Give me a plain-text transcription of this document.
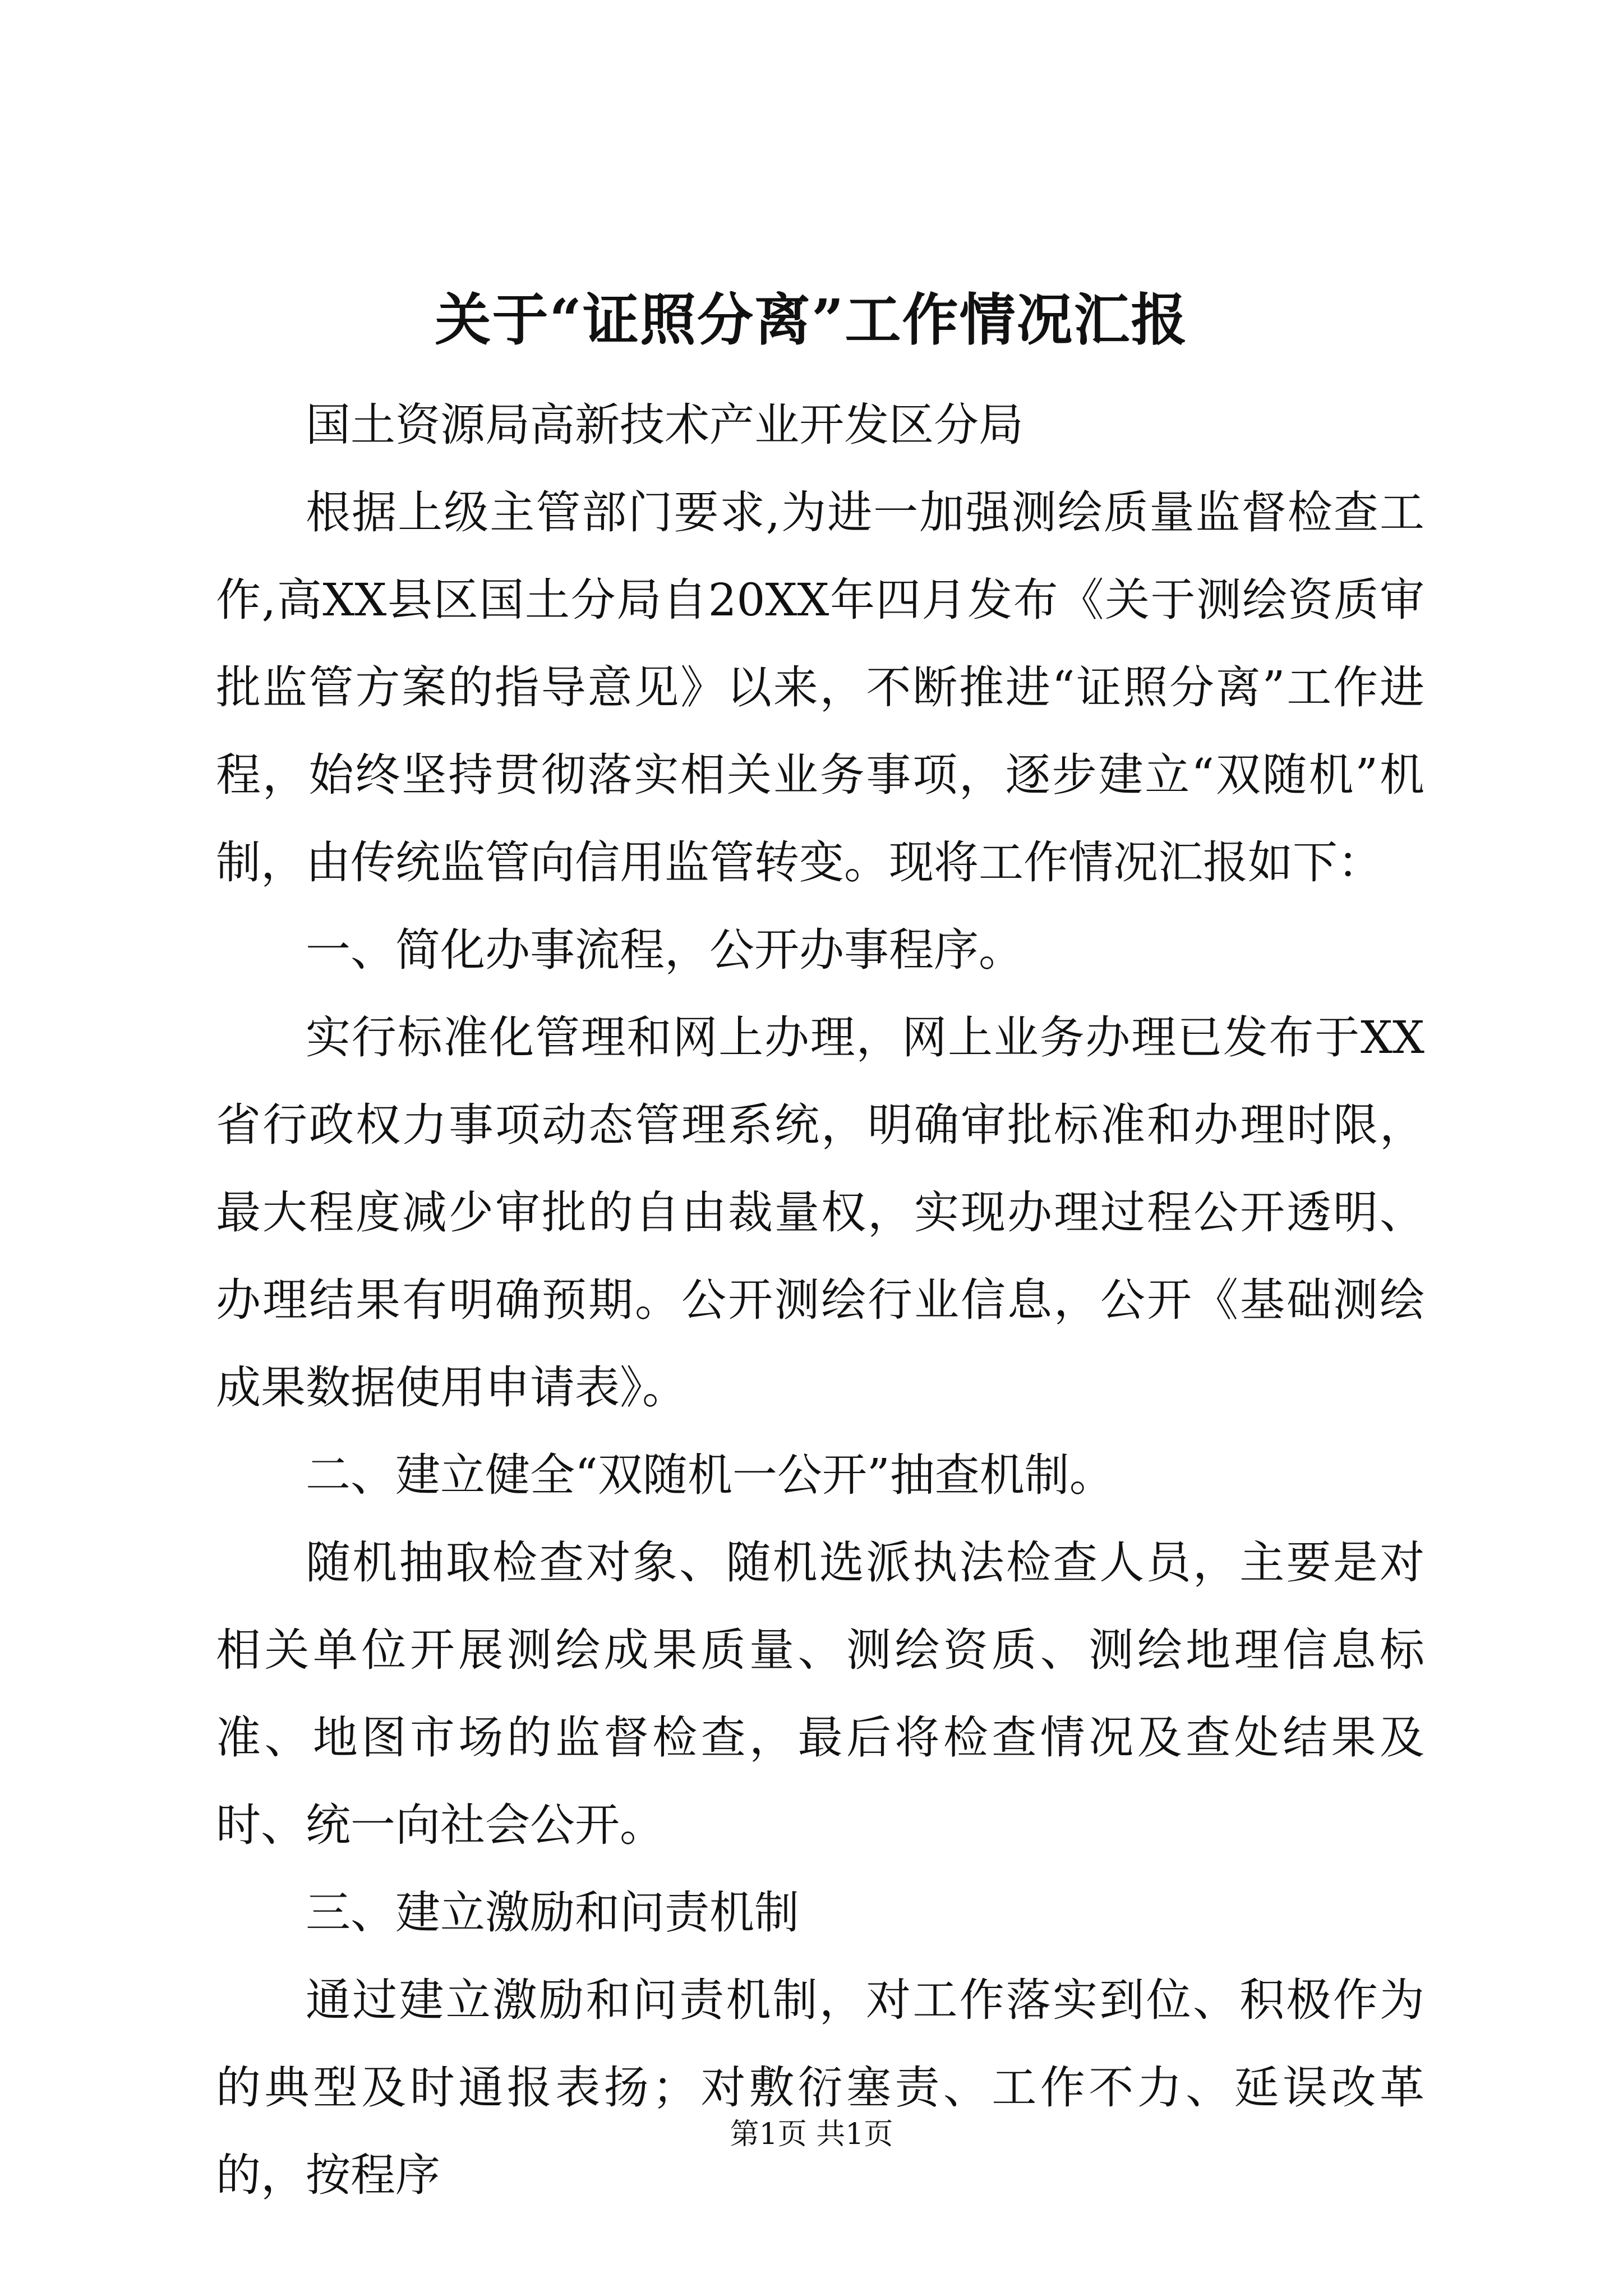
关于“证照分离”工作情况汇报

国土资源局高新技术产业开发区分局

根据上级主管部门要求,为进一加强测绘质量监督检查工作,高XX县区国土分局自20XX年四月发布《关于测绘资质审批监管方案的指导意见》以来，不断推进“证照分离”工作进程，始终坚持贯彻落实相关业务事项，逐步建立“双随机”机制，由传统监管向信用监管转变。现将工作情况汇报如下：

一、简化办事流程，公开办事程序。

实行标准化管理和网上办理，网上业务办理已发布于XX省行政权力事项动态管理系统，明确审批标准和办理时限，最大程度减少审批的自由裁量权，实现办理过程公开透明、办理结果有明确预期。公开测绘行业信息，公开《基础测绘成果数据使用申请表》。

二、建立健全“双随机一公开”抽查机制。

随机抽取检查对象、随机选派执法检查人员，主要是对相关单位开展测绘成果质量、测绘资质、测绘地理信息标准、地图市场的监督检查，最后将检查情况及查处结果及时、统一向社会公开。

三、建立激励和问责机制

通过建立激励和问责机制，对工作落实到位、积极作为的典型及时通报表扬；对敷衍塞责、工作不力、延误改革的，按程序

第1页 共1页
